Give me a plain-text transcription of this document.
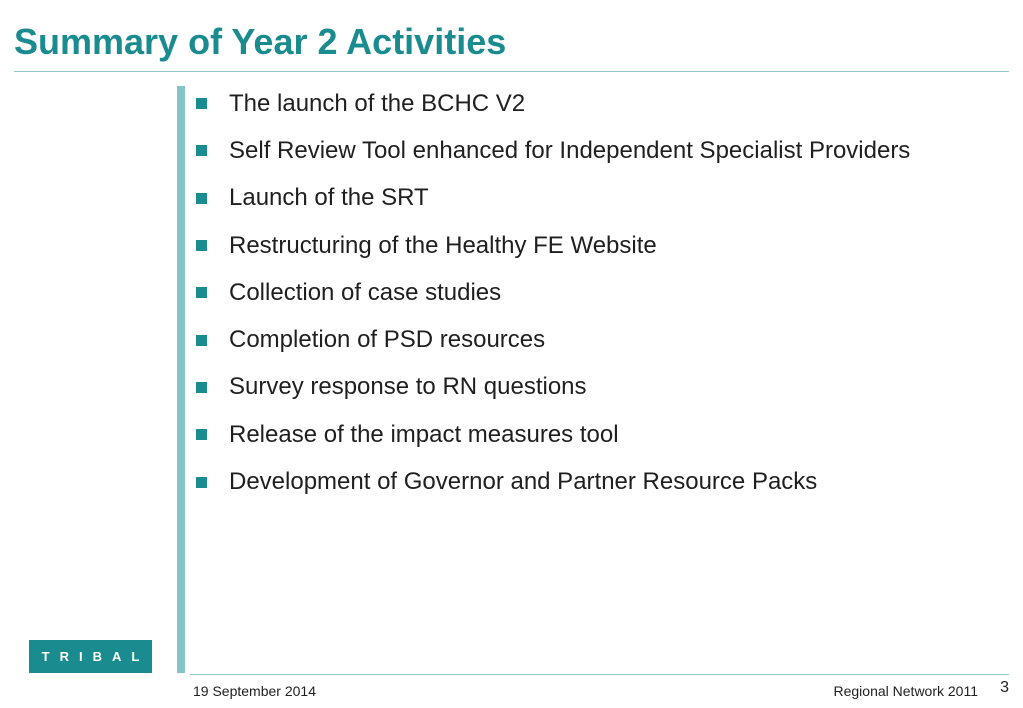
Summary of Year 2 Activities
The launch of the BCHC V2
Self Review Tool enhanced for Independent Specialist Providers
Launch of the SRT
Restructuring of the Healthy FE Website
Collection of case studies
Completion of PSD resources
Survey response to RN questions
Release of the impact measures tool
Development of Governor and Partner Resource Packs
TRIBAL
19 September 2014	Regional Network 2011 3
